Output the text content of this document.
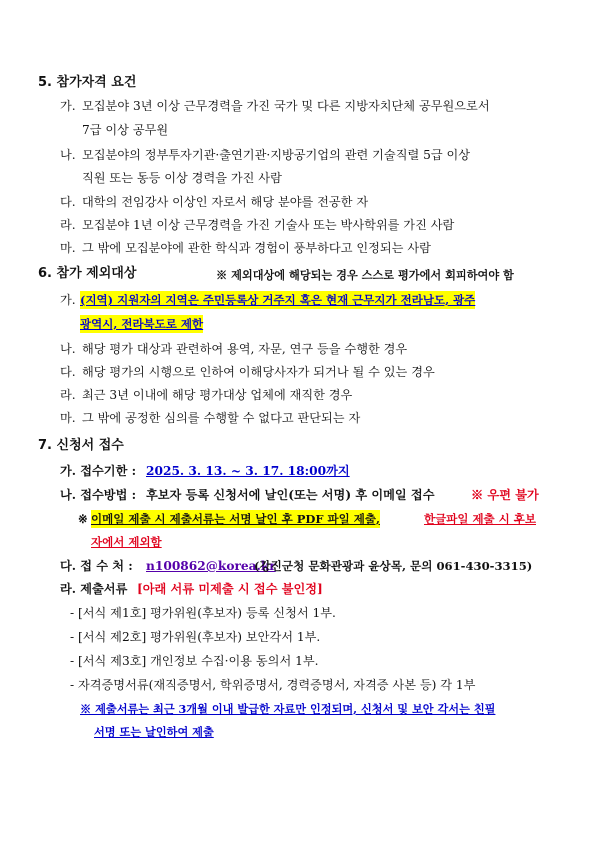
5. 참가자격 요건
가. 모집분야 3년 이상 근무경력을 가진 국가 및 다른 지방자치단체 공무원으로서
7급 이상 공무원
나. 모집분야의 정부투자기관·출연기관·지방공기업의 관련 기술직렬 5급 이상
직원 또는 동등 이상 경력을 가진 사람
다. 대학의 전임강사 이상인 자로서 해당 분야를 전공한 자
라. 모집분야 1년 이상 근무경력을 가진 기술사 또는 박사학위를 가진 사람
마. 그 밖에 모집분야에 관한 학식과 경험이 풍부하다고 인정되는 사람
6. 참가 제외대상	※ 제외대상에 해당되는 경우 스스로 평가에서 회피하여야 함
가. (지역) 지원자의 지역은 주민등록상 거주지 혹은 현재 근무지가 전라남도, 광주
광역시, 전라북도로 제한
나. 해당 평가 대상과 관련하여 용역, 자문, 연구 등을 수행한 경우
다. 해당 평가의 시행으로 인하여 이해당사자가 되거나 될 수 있는 경우
라. 최근 3년 이내에 해당 평가대상 업체에 재직한 경우
마. 그 밖에 공정한 심의를 수행할 수 없다고 판단되는 자
7. 신청서 접수
가. 접수기한 : 2025. 3. 13. ~ 3. 17. 18:00까지
나. 접수방법 : 후보자 등록 신청서에 날인(또는 서명) 후 이메일 접수	※ 우편 불가
※ 이메일 제출 시 제출서류는 서명 날인 후 PDF 파일 제출,	한글파일 제출 시 후보
자에서 제외함
다. 접 수 처 : n100862@korea.kr
(강진군청 문화관광과 윤상목, 문의 061-430-3315)
라. 제출서류 [아래 서류 미제출 시 접수 불인정]
- [서식 제1호] 평가위원(후보자) 등록 신청서 1부.
- [서식 제2호] 평가위원(후보자) 보안각서 1부.
- [서식 제3호] 개인정보 수집·이용 동의서 1부.
- 자격증명서류(재직증명서, 학위증명서, 경력증명서, 자격증 사본 등) 각 1부
※ 제출서류는 최근 3개월 이내 발급한 자료만 인정되며, 신청서 및 보안 각서는 친필
서명 또는 날인하여 제출
